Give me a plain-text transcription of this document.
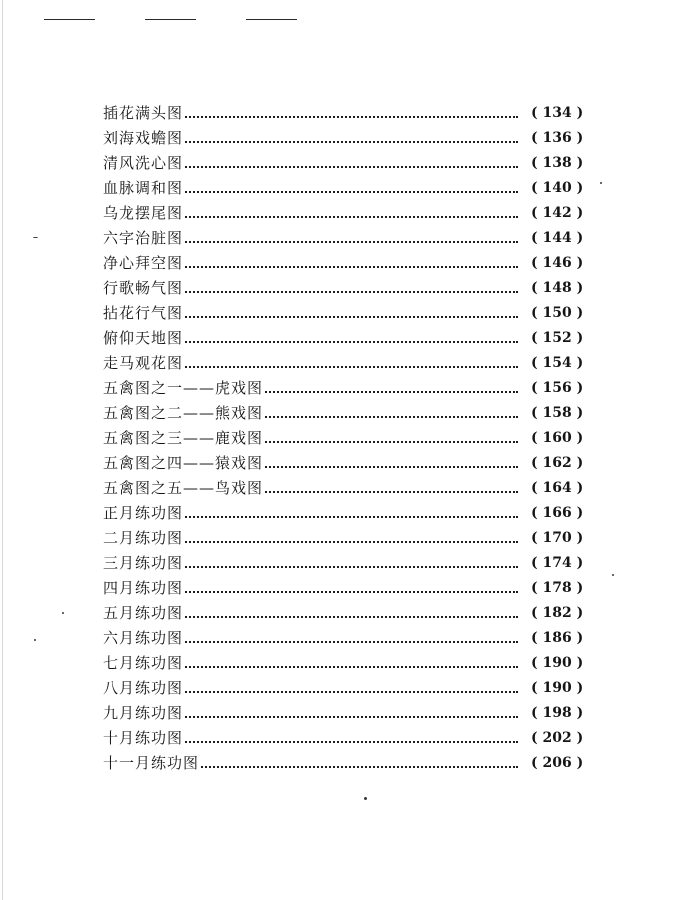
插花满头图	( 134 )
刘海戏蟾图	( 136 )
清风洗心图	( 138 )
血脉调和图	( 140 )
乌龙摆尾图	( 142 )
六字治脏图	( 144 )
净心拜空图	( 146 )
行歌畅气图	( 148 )
拈花行气图	( 150 )
俯仰天地图	( 152 )
走马观花图	( 154 )
五禽图之一——虎戏图	( 156 )
五禽图之二——熊戏图	( 158 )
五禽图之三——鹿戏图	( 160 )
五禽图之四——猿戏图	( 162 )
五禽图之五——鸟戏图	( 164 )
正月练功图	( 166 )
二月练功图	( 170 )
三月练功图	( 174 )
四月练功图	( 178 )
五月练功图	( 182 )
六月练功图	( 186 )
七月练功图	( 190 )
八月练功图	( 190 )
九月练功图	( 198 )
十月练功图	( 202 )
十一月练功图	( 206 )
